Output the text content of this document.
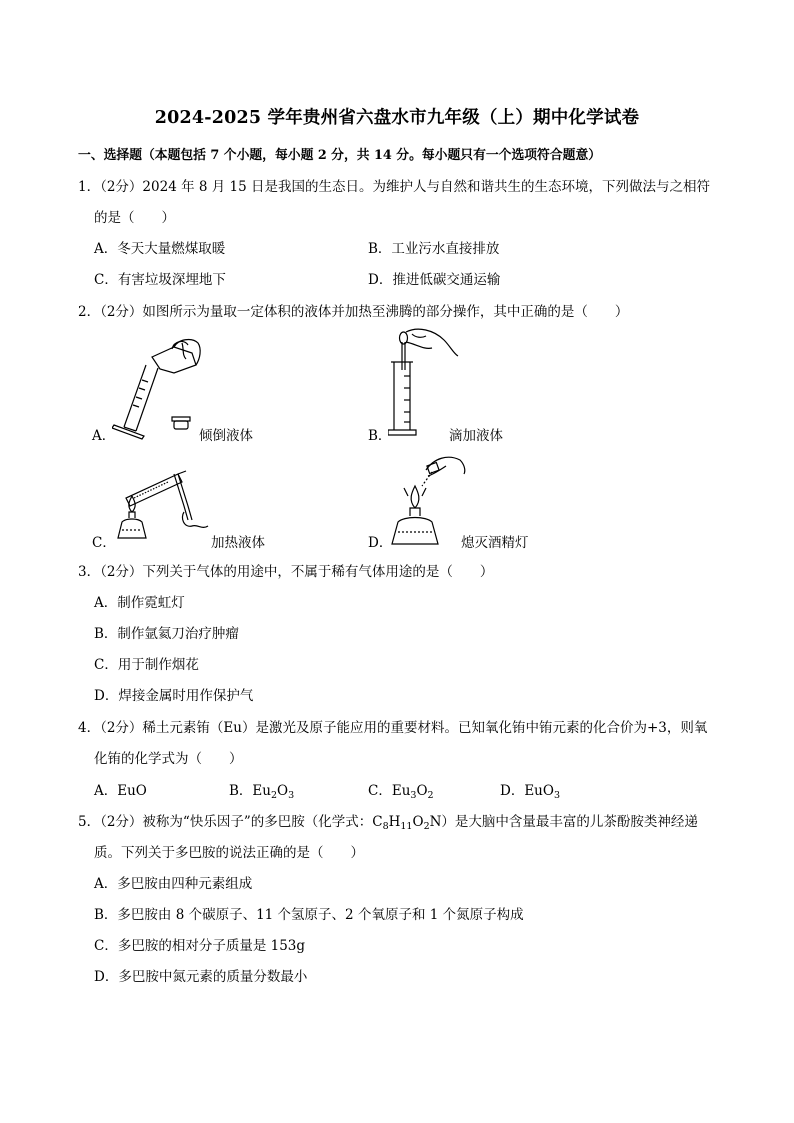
2024-2025 学年贵州省六盘水市九年级（上）期中化学试卷
一、选择题（本题包括 7 个小题，每小题 2 分，共 14 分。每小题只有一个选项符合题意）
1．（2分）2024 年 8 月 15 日是我国的生态日。为维护人与自然和谐共生的生态环境，下列做法与之相符
的是（　　）
A．冬天大量燃煤取暖	B．工业污水直接排放
C．有害垃圾深埋地下	D．推进低碳交通运输
2．（2分）如图所示为量取一定体积的液体并加热至沸腾的部分操作，其中正确的是（　　）
A．	倾倒液体	B．	滴加液体
C．	加热液体	D．	熄灭酒精灯
3．（2分）下列关于气体的用途中，不属于稀有气体用途的是（　　）
A．制作霓虹灯
B．制作氩氦刀治疗肿瘤
C．用于制作烟花
D．焊接金属时用作保护气
4．（2分）稀土元素铕（Eu）是激光及原子能应用的重要材料。已知氧化铕中铕元素的化合价为+3，则氧
化铕的化学式为（　　）
A．EuO	B．$Eu_2O_3$	C．$Eu_3O_2$	D．EuO$_3$
5．（2分）被称为“快乐因子”的多巴胺（化学式：$C_8H_{11}O_2N$）是大脑中含量最丰富的儿茶酚胺类神经递
质。下列关于多巴胺的说法正确的是（　　）
A．多巴胺由四种元素组成
B．多巴胺由 8 个碳原子、11 个氢原子、2 个氧原子和 1 个氮原子构成
C．多巴胺的相对分子质量是 153g
D．多巴胺中氮元素的质量分数最小
